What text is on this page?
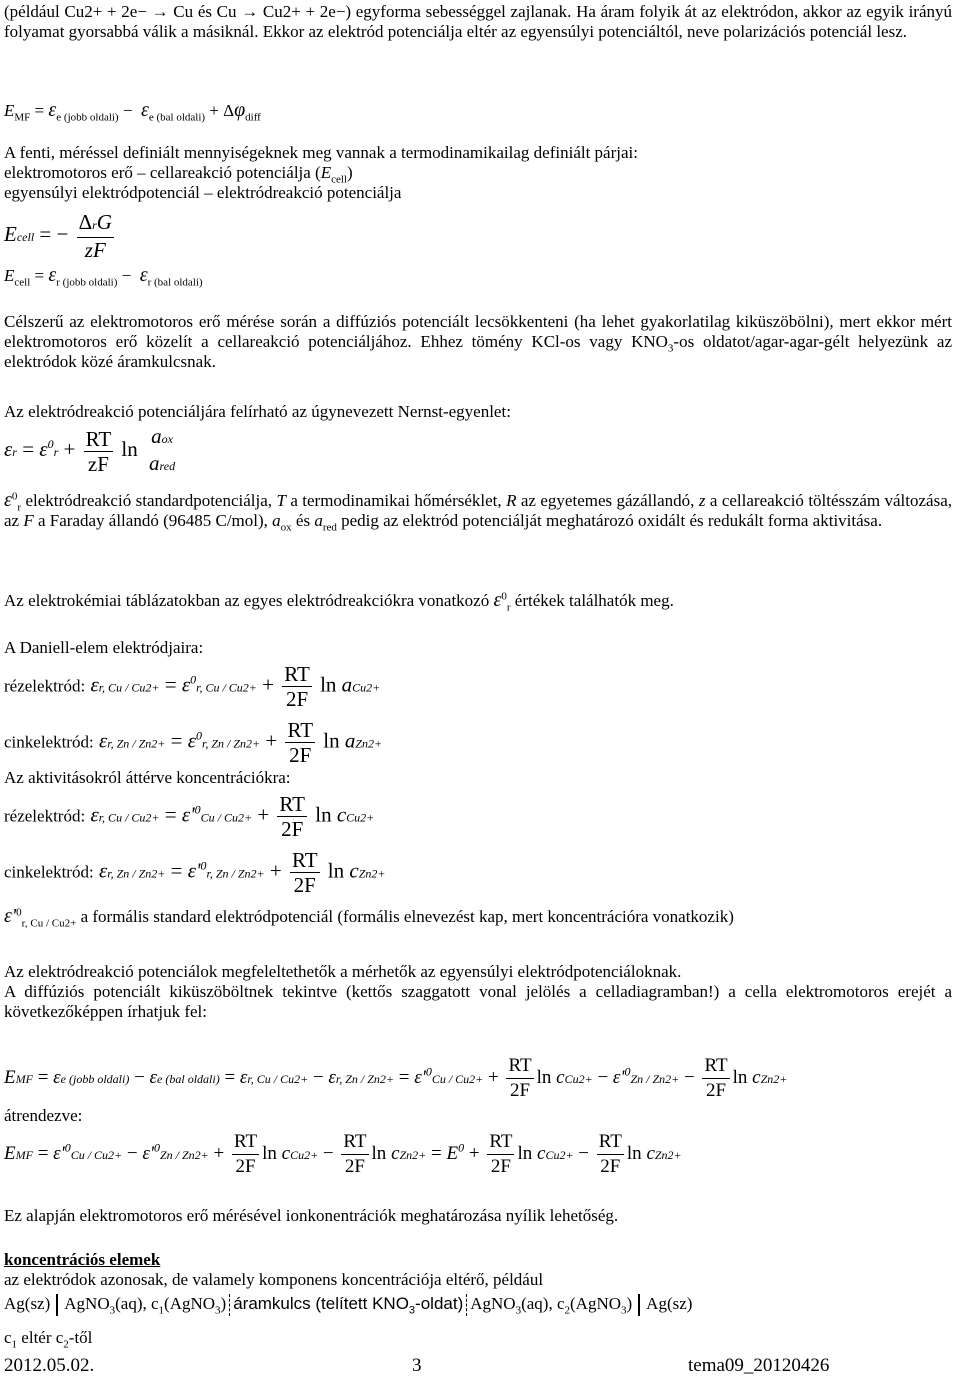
(például Cu2+ + 2e− → Cu és Cu → Cu2+ + 2e−) egyforma sebességgel zajlanak. Ha áram folyik át az elektródon, akkor az egyik irányú folyamat gyorsabbá válik a másiknál. Ekkor az elektród potenciálja eltér az egyensúlyi potenciáltól, neve polarizációs potenciál lesz.

$E_{MF} = \varepsilon_{e (jobb oldali)} - \varepsilon_{e (bal oldali)} + \Delta\varphi_{diff}$

A fenti, méréssel definiált mennyiségeknek meg vannak a termodinamikailag definiált párjai:

elektromotoros erő – cellareakció potenciálja $(E_{cell})$

egyensúlyi elektródpotenciál – elektródreakció potenciálja

Ecell = − $\frac{\text{ΔrG}}{zF}$
$E_{cell} = \varepsilon_{r (jobb oldali)} - \varepsilon_{r (bal oldali)}$

Célszerű az elektromotoros erő mérése során a diffúziós potenciált lecsökkenteni (ha lehet gyakorlatilag kiküszöbölni), mert ekkor mért elektromotoros erő közelít a cellareakció potenciáljához. Ehhez tömény KCl-os vagy $KNO_3-os$ oldatot/agar-agar-gélt helyezünk az elektródok közé áramkulcsnak.

Az elektródreakció potenciáljára felírható az úgynevezett Nernst-egyenlet:

$\varepsilon r = \varepsilon^0r + \frac{RT}{zF}$ ln
aox
ared

$\varepsilon^0_r$ elektródreakció standardpotenciálja, T a termodinamikai hőmérséklet, R az egyetemes gázállandó, z a cellareakció töltésszám változása, az F a Faraday állandó (96485 C/mol), $a_{ox}$ és $a_{red}$ pedig az elektród potenciálját meghatározó oxidált és redukált forma aktivitása.

Az elektrokémiai táblázatokban az egyes elektródreakciókra vonatkozó $\varepsilon^0_r$ értékek találhatók meg.

A Daniell-elem elektródjaira:

rézelektród: εr, $Cu / Cu2+ = \varepsilon^0r$, $Cu / Cu2+ + \frac{RT}{2F}$ ln aCu2+
cinkelektród: εr, $Zn / Zn2+ = \varepsilon^0r$, $Zn / Zn2+ + \frac{RT}{2F}$ ln aZn2+

Az aktivitásokról áttérve koncentrációkra:

rézelektród: εr, $Cu / Cu2+ = \varepsilon'^0Cu / Cu2+ + \frac{RT}{2F}$ ln cCu2+
cinkelektród: εr, $Zn / Zn2+ = \varepsilon'^0r$, $Zn / Zn2+ + \frac{RT}{2F}$ ln cZn2+
$\varepsilon'^0_{r, Cu / Cu2+}$ a formális standard elektródpotenciál (formális elnevezést kap, mert koncentrációra vonatkozik)

Az elektródreakció potenciálok megfeleltethetők a mérhetők az egyensúlyi elektródpotenciáloknak.

A diffúziós potenciált kiküszöböltnek tekintve (kettős szaggatott vonal jelölés a celladiagramban!) a cella elektromotoros erejét a következőképpen írhatjuk fel:

EMF = εe (jobb oldali) − εe (bal oldali) = εr, Cu / Cu2+ − εr, $Zn / Zn2+ = \varepsilon'^0Cu / Cu2+ + \frac{RT}{2F}$ $\ln cCu2+ - \varepsilon'^0Zn / Zn2+ - \frac{RT}{2F}$ ln cZn2+

átrendezve:

EMF = $\varepsilon'^0Cu / Cu2+ - \varepsilon'^0Zn / Zn2+ + \frac{RT}{2F}$ $\ln cCu2+ - \frac{RT}{2F}$ $\ln cZn2+ = E^0 + \frac{RT}{2F}$ $\ln cCu2+ - \frac{RT}{2F}$ ln cZn2+

Ez alapján elektromotoros erő mérésével ionkonentrációk meghatározása nyílik lehetőség.

koncentrációs elemek

az elektródok azonosak, de valamely komponens koncentrációja eltérő, például

Ag(sz) AgNO$_3$(aq), $c_1(AgNO_3)$ áramkulcs (telített $KNO_3-oldat$) AgNO$_3$(aq), $c_2(AgNO_3)$ Ag(sz)
$c_1$ eltér $c_2$-től
2012.05.02.	3	tema09_20120426
